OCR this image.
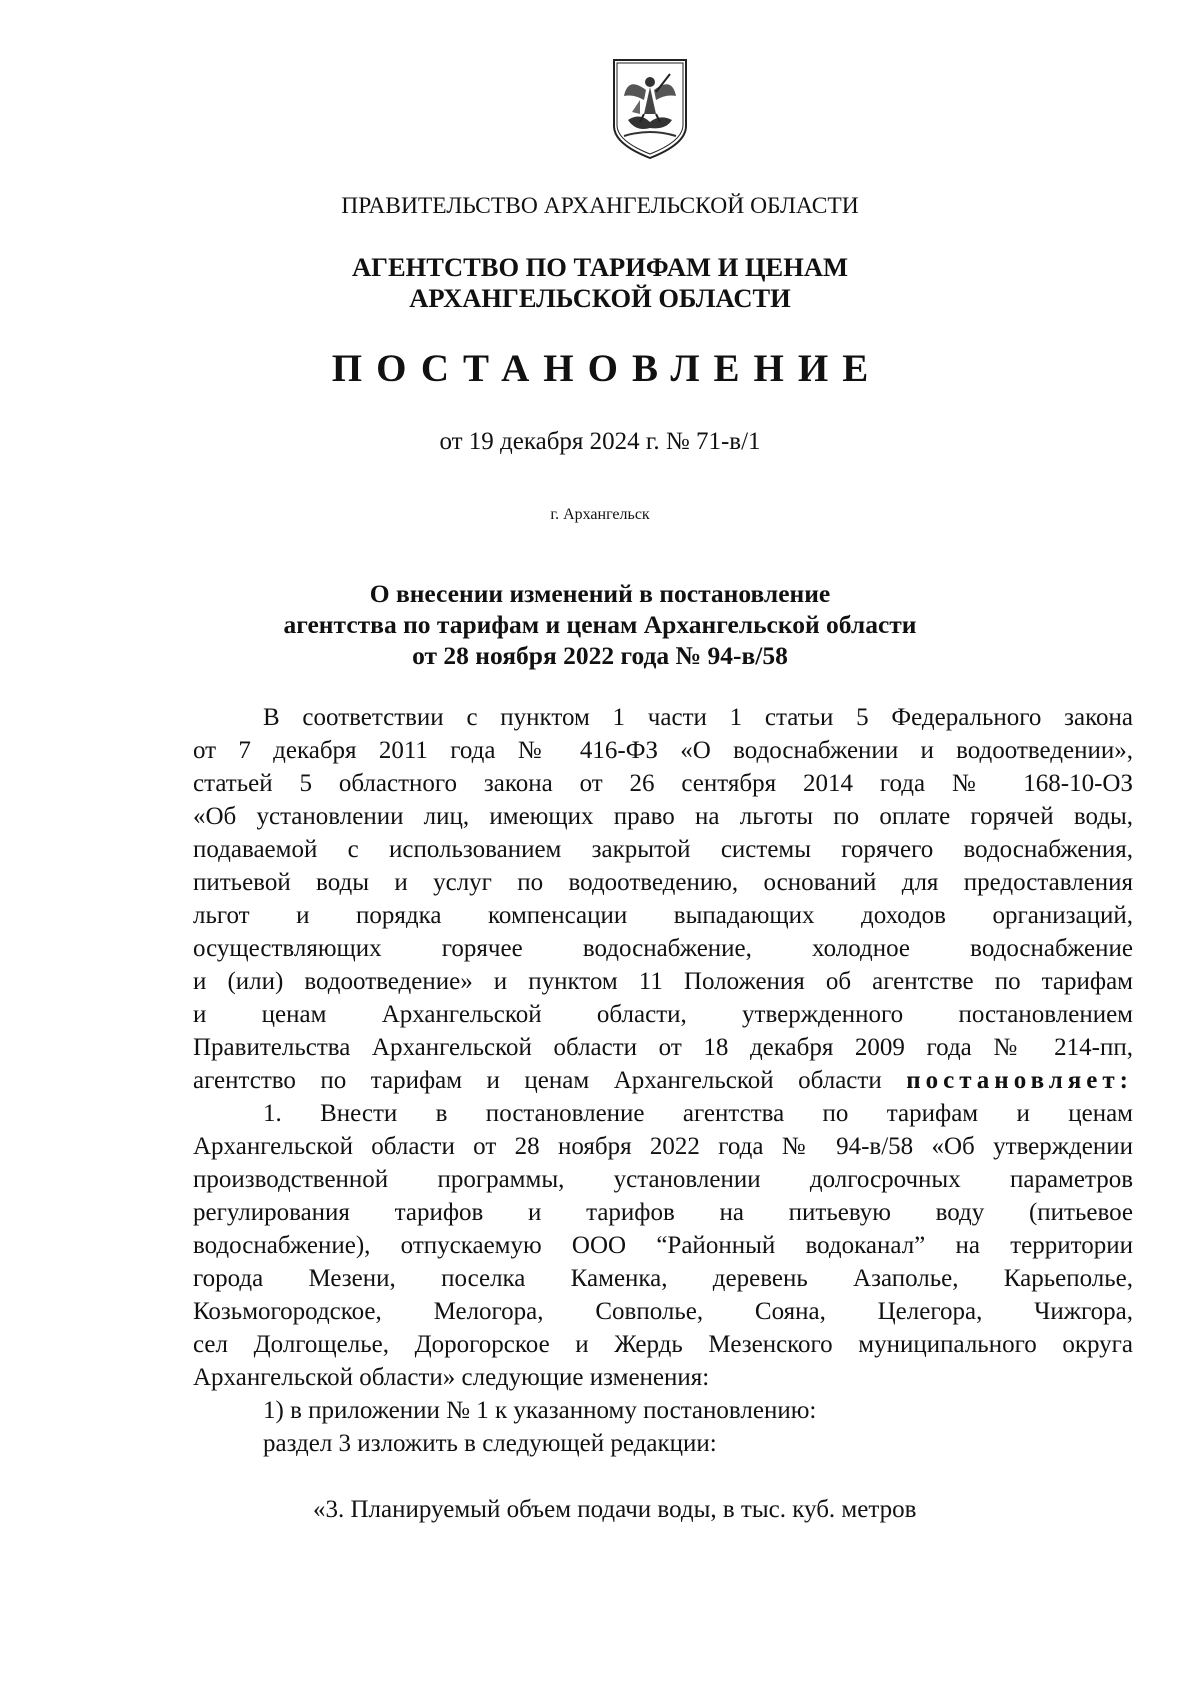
ПРАВИТЕЛЬСТВО АРХАНГЕЛЬСКОЙ ОБЛАСТИ
АГЕНТСТВО ПО ТАРИФАМ И ЦЕНАМ
АРХАНГЕЛЬСКОЙ ОБЛАСТИ
ПОСТАНОВЛЕНИЕ
от 19 декабря 2024 г. № 71-в/1
г. Архангельск
О внесении изменений в постановление
агентства по тарифам и ценам Архангельской области
от 28 ноября 2022 года № 94-в/58
В соответствии с пунктом 1 части 1 статьи 5 Федерального закона
от 7 декабря 2011 года № 416-ФЗ «О водоснабжении и водоотведении»,
статьей 5 областного закона от 26 сентября 2014 года № 168-10-ОЗ
«Об установлении лиц, имеющих право на льготы по оплате горячей воды,
подаваемой с использованием закрытой системы горячего водоснабжения,
питьевой воды и услуг по водоотведению, оснований для предоставления
льгот и порядка компенсации выпадающих доходов организаций,
осуществляющих горячее водоснабжение, холодное водоснабжение
и (или) водоотведение» и пунктом 11 Положения об агентстве по тарифам
и ценам Архангельской области, утвержденного постановлением
Правительства Архангельской области от 18 декабря 2009 года № 214-пп,
агентство по тарифам и ценам Архангельской области постановляет:
1. Внести в постановление агентства по тарифам и ценам
Архангельской области от 28 ноября 2022 года № 94-в/58 «Об утверждении
производственной программы, установлении долгосрочных параметров
регулирования тарифов и тарифов на питьевую воду (питьевое
водоснабжение), отпускаемую ООО “Районный водоканал” на территории
города Мезени, поселка Каменка, деревень Азаполье, Карьеполье,
Козьмогородское, Мелогора, Совполье, Сояна, Целегора, Чижгора,
сел Долгощелье, Дорогорское и Жердь Мезенского муниципального округа
Архангельской области» следующие изменения:
1) в приложении № 1 к указанному постановлению:
раздел 3 изложить в следующей редакции:
«3. Планируемый объем подачи воды, в тыс. куб. метров
